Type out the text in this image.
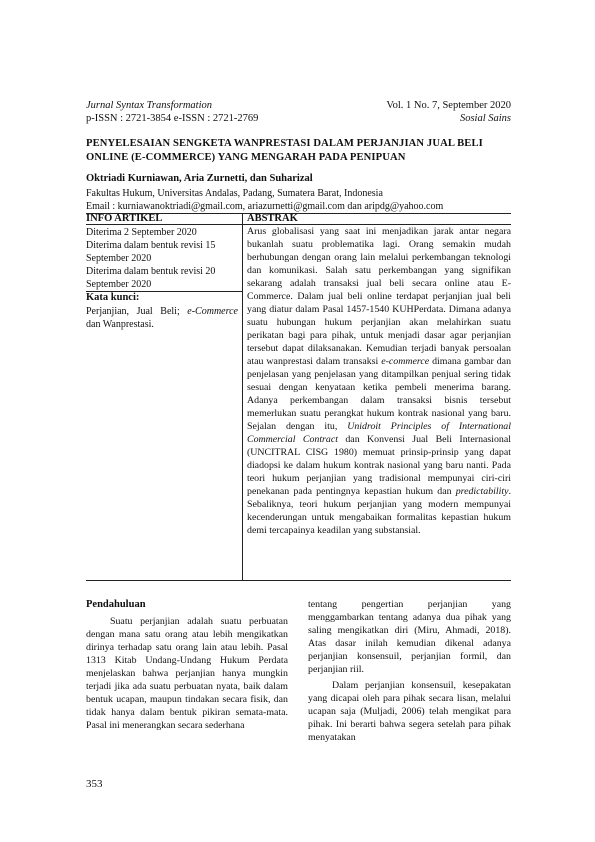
Jurnal Syntax Transformation	Vol. 1 No. 7, September 2020
p-ISSN : 2721-3854 e-ISSN : 2721-2769	Sosial Sains
PENYELESAIAN SENGKETA WANPRESTASI DALAM PERJANJIAN JUAL BELI ONLINE (E-COMMERCE) YANG MENGARAH PADA PENIPUAN
Oktriadi Kurniawan, Aria Zurnetti, dan Suharizal
Fakultas Hukum, Universitas Andalas, Padang, Sumatera Barat, Indonesia
Email : kurniawanoktriadi@gmail.com, ariazurnetti@gmail.com dan aripdg@yahoo.com
INFO ARTIKEL
Diterima 2 September 2020
Diterima dalam bentuk revisi 15 September 2020
Diterima dalam bentuk revisi 20 September 2020
Kata kunci:
Perjanjian, Jual Beli; e-Commerce dan Wanprestasi.
ABSTRAK

Arus globalisasi yang saat ini menjadikan jarak antar negara bukanlah suatu problematika lagi. Orang semakin mudah berhubungan dengan orang lain melalui perkembangan teknologi dan komunikasi. Salah satu perkembangan yang signifikan sekarang adalah transaksi jual beli secara online atau E-Commerce. Dalam jual beli online terdapat perjanjian jual beli yang diatur dalam Pasal 1457-1540 KUHPerdata. Dimana adanya suatu hubungan hukum perjanjian akan melahirkan suatu perikatan bagi para pihak, untuk menjadi dasar agar perjanjian tersebut dapat dilaksanakan. Kemudian terjadi banyak persoalan atau wanprestasi dalam transaksi e-commerce dimana gambar dan penjelasan yang penjelasan yang ditampilkan penjual sering tidak sesuai dengan kenyataan ketika pembeli menerima barang. Adanya perkembangan dalam transaksi bisnis tersebut memerlukan suatu perangkat hukum kontrak nasional yang baru. Sejalan dengan itu, Unidroit Principles of International Commercial Contract dan Konvensi Jual Beli Internasional (UNCITRAL CISG 1980) memuat prinsip-prinsip yang dapat diadopsi ke dalam hukum kontrak nasional yang baru nanti. Pada teori hukum perjanjian yang tradisional mempunyai ciri-ciri penekanan pada pentingnya kepastian hukum dan predictability. Sebaliknya, teori hukum perjanjian yang modern mempunyai kecenderungan untuk mengabaikan formalitas kepastian hukum demi tercapainya keadilan yang substansial.

Pendahuluan

Suatu perjanjian adalah suatu perbuatan dengan mana satu orang atau lebih mengikatkan dirinya terhadap satu orang lain atau lebih. Pasal 1313 Kitab Undang-Undang Hukum Perdata menjelaskan bahwa perjanjian hanya mungkin terjadi jika ada suatu perbuatan nyata, baik dalam bentuk ucapan, maupun tindakan secara fisik, dan tidak hanya dalam bentuk pikiran semata-mata. Pasal ini menerangkan secara sederhana

tentang pengertian perjanjian yang menggambarkan tentang adanya dua pihak yang saling mengikatkan diri (Miru, Ahmadi, 2018). Atas dasar inilah kemudian dikenal adanya perjanjian konsensuil, perjanjian formil, dan perjanjian riil.

Dalam perjanjian konsensuil, kesepakatan yang dicapai oleh para pihak secara lisan, melalui ucapan saja (Muljadi, 2006) telah mengikat para pihak. Ini berarti bahwa segera setelah para pihak menyatakan

353
